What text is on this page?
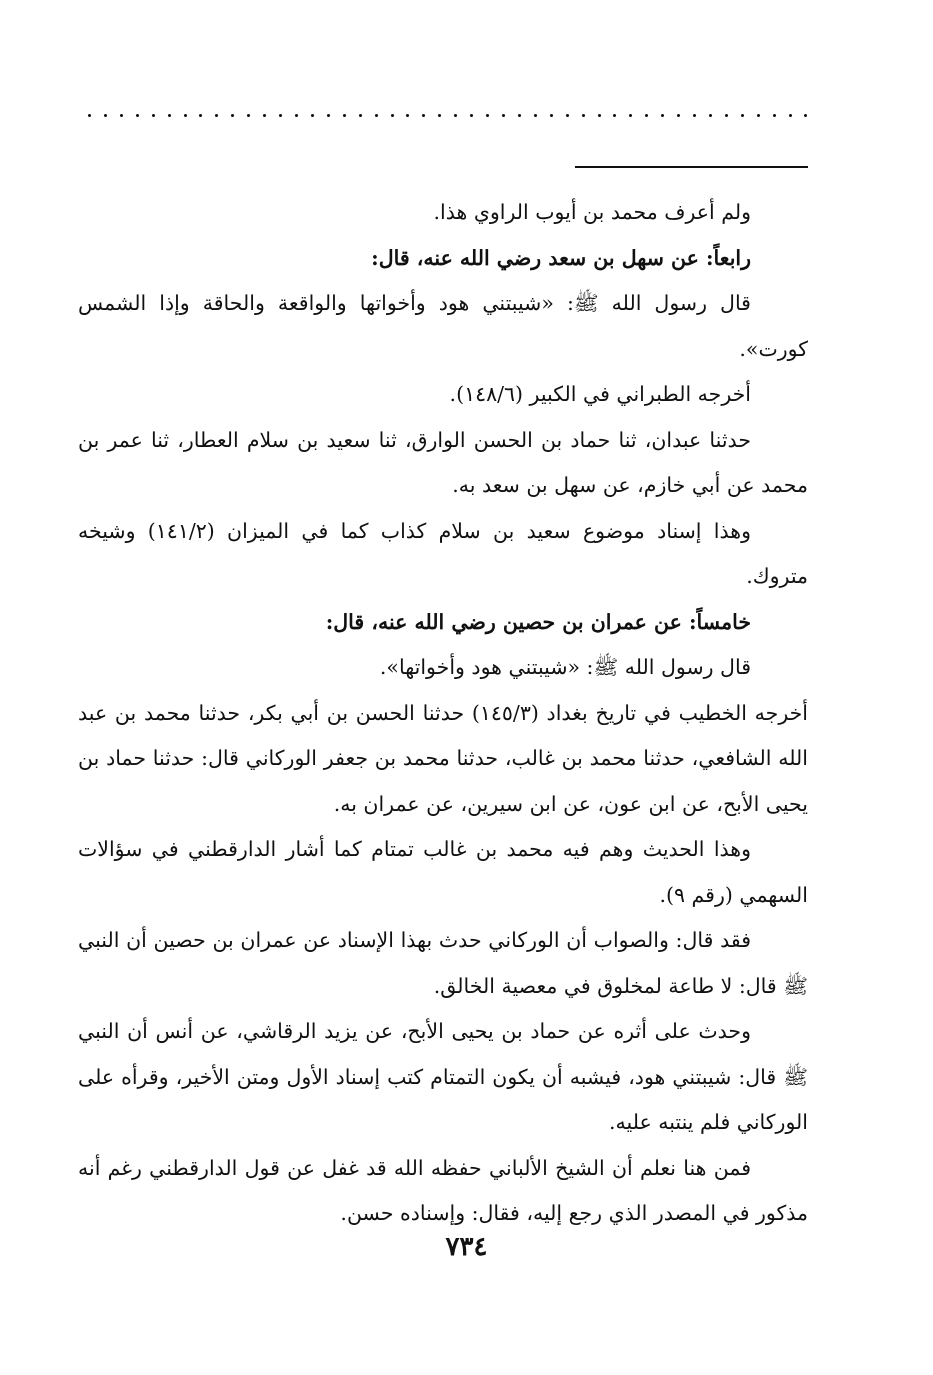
ولم أعرف محمد بن أيوب الراوي هذا.

رابعاً: عن سهل بن سعد رضي الله عنه، قال:

قال رسول الله ﷺ: «شيبتني هود وأخواتها والواقعة والحاقة وإذا الشمس كورت».

أخرجه الطبراني في الكبير (١٤٨/٦).

حدثنا عبدان، ثنا حماد بن الحسن الوارق، ثنا سعيد بن سلام العطار، ثنا عمر بن محمد عن أبي خازم، عن سهل بن سعد به.

وهذا إسناد موضوع سعيد بن سلام كذاب كما في الميزان (١٤١/٢) وشيخه متروك.

خامساً: عن عمران بن حصين رضي الله عنه، قال:

قال رسول الله ﷺ: «شيبتني هود وأخواتها».

أخرجه الخطيب في تاريخ بغداد (١٤٥/٣) حدثنا الحسن بن أبي بكر، حدثنا محمد بن عبد الله الشافعي، حدثنا محمد بن غالب، حدثنا محمد بن جعفر الوركاني قال: حدثنا حماد بن يحيى الأبح، عن ابن عون، عن ابن سيرين، عن عمران به.

وهذا الحديث وهم فيه محمد بن غالب تمتام كما أشار الدارقطني في سؤالات السهمي (رقم ٩).

فقد قال: والصواب أن الوركاني حدث بهذا الإسناد عن عمران بن حصين أن النبي ﷺ قال: لا طاعة لمخلوق في معصية الخالق.

وحدث على أثره عن حماد بن يحيى الأبح، عن يزيد الرقاشي، عن أنس أن النبي ﷺ قال: شيبتني هود، فيشبه أن يكون التمتام كتب إسناد الأول ومتن الأخير، وقرأه على الوركاني فلم ينتبه عليه.

فمن هنا نعلم أن الشيخ الألباني حفظه الله قد غفل عن قول الدارقطني رغم أنه مذكور في المصدر الذي رجع إليه، فقال: وإسناده حسن.

٧٣٤
